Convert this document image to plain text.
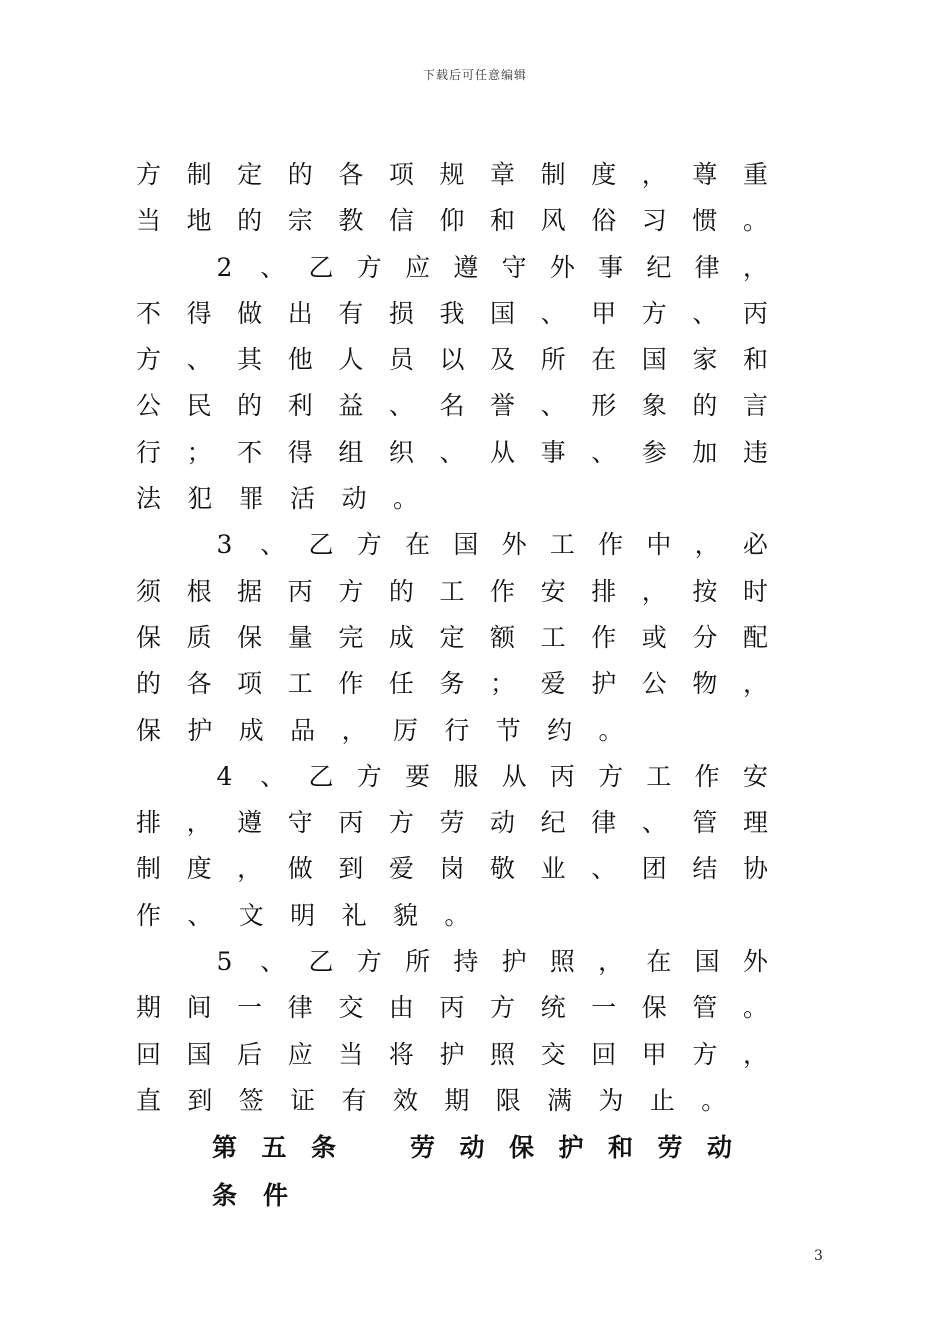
下载后可任意编辑
方 制 定 的 各 项 规 章 制 度 ， 尊 重
当 地 的 宗 教 信 仰 和 风 俗 习 惯 。
2 、 乙 方 应 遵 守 外 事 纪 律 ，
不 得 做 出 有 损 我 国 、 甲 方 、 丙
方 、 其 他 人 员 以 及 所 在 国 家 和
公 民 的 利 益 、 名 誉 、 形 象 的 言
行 ； 不 得 组 织 、 从 事 、 参 加 违
法 犯 罪 活 动 。
3 、 乙 方 在 国 外 工 作 中 ， 必
须 根 据 丙 方 的 工 作 安 排 ， 按 时
保 质 保 量 完 成 定 额 工 作 或 分 配
的 各 项 工 作 任 务 ； 爱 护 公 物 ，
保 护 成 品 ， 厉 行 节 约 。
4 、 乙 方 要 服 从 丙 方 工 作 安
排 ， 遵 守 丙 方 劳 动 纪 律 、 管 理
制 度 ， 做 到 爱 岗 敬 业 、 团 结 协
作 、 文 明 礼 貌 。
5 、 乙 方 所 持 护 照 ， 在 国 外
期 间 一 律 交 由 丙 方 统 一 保 管 。
回 国 后 应 当 将 护 照 交 回 甲 方 ，
直 到 签 证 有 效 期 限 满 为 止 。
第 五 条	劳 动 保 护 和 劳 动
条 件
3
